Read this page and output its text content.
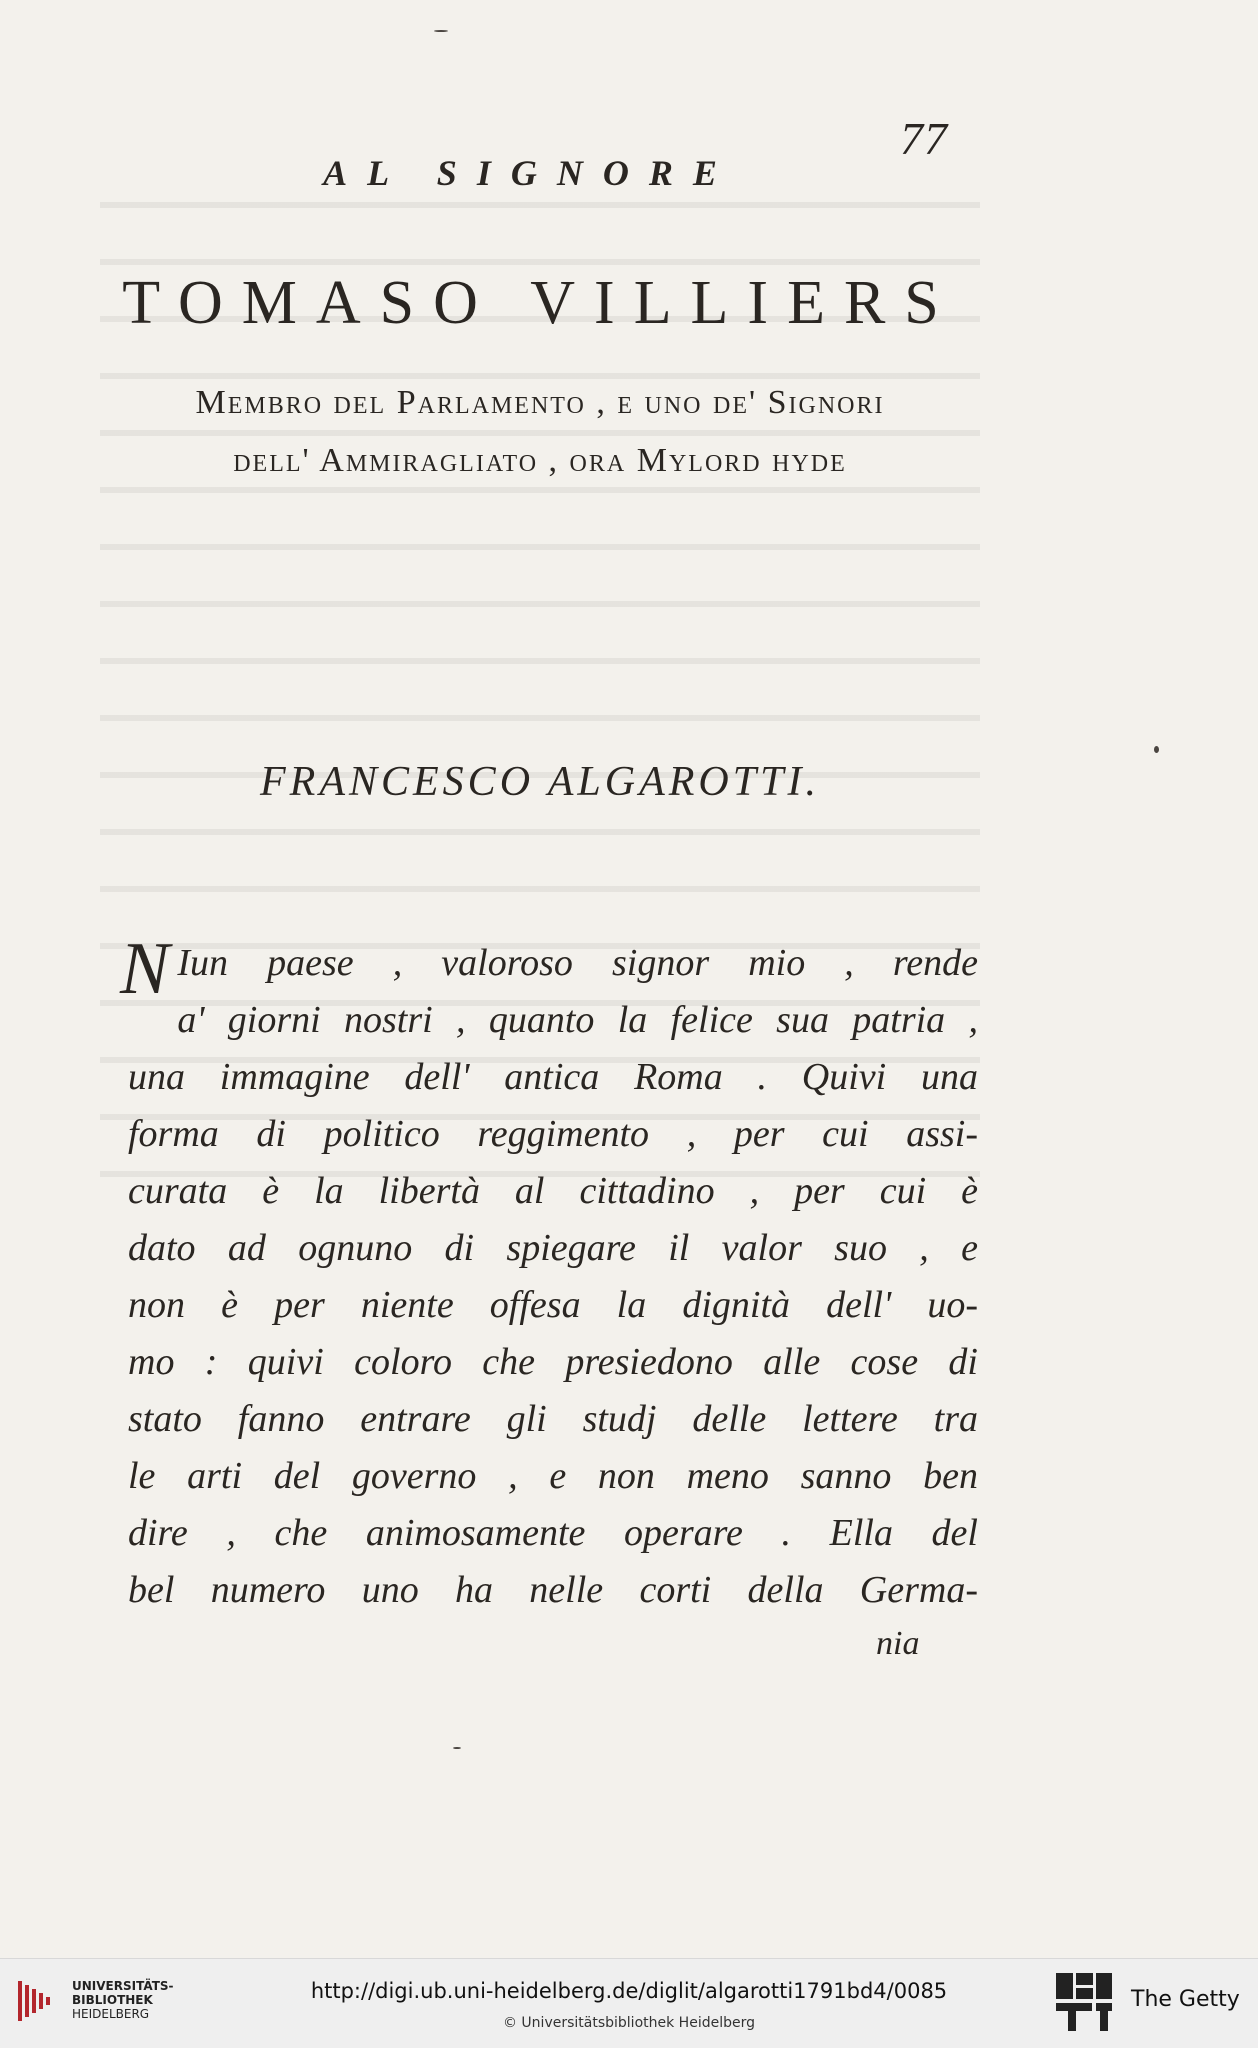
77
AL SIGNORE
TOMASO VILLIERS
Membro del Parlamento , e uno de' Signori
dell' Ammiragliato , ora Mylord hyde
FRANCESCO ALGAROTTI.
N Iun paese , valoroso signor mio , rende
a' giorni nostri , quanto la felice sua patria ,
una immagine dell' antica Roma . Quivi una
forma di politico reggimento , per cui assi-
curata è la libertà al cittadino , per cui è
dato ad ognuno di spiegare il valor suo , e
non è per niente offesa la dignità dell' uo-
mo : quivi coloro che presiedono alle cose di
stato fanno entrare gli studj delle lettere tra
le arti del governo , e non meno sanno ben
dire , che animosamente operare . Ella del
bel numero uno ha nelle corti della Germa-
nia
UNIVERSITÄTS-
BIBLIOTHEK
HEIDELBERG
http://digi.ub.uni-heidelberg.de/diglit/algarotti1791bd4/0085
© Universitätsbibliothek Heidelberg
The Getty
